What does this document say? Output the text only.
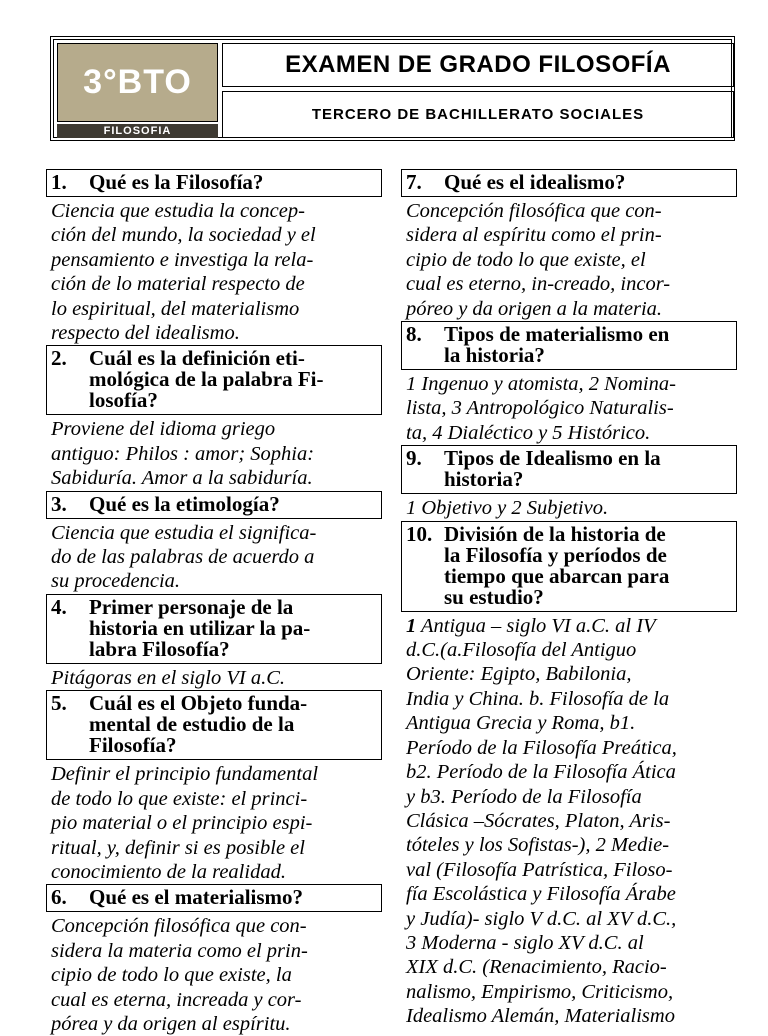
3°BTO
FILOSOFIA
EXAMEN DE GRADO FILOSOFÍA
TERCERO DE BACHILLERATO SOCIALES
1.	Qué es la Filosofía?
Ciencia que estudia la concep-
ción del mundo, la sociedad y el
pensamiento e investiga la rela-
ción de lo material respecto de
lo espiritual, del materialismo
respecto del idealismo.
2.	Cuál es la definición eti-
mológica de la palabra Fi-
losofía?
Proviene del idioma griego
antiguo: Philos : amor; Sophia:
Sabiduría. Amor a la sabiduría.
3.	Qué es la etimología?
Ciencia que estudia el significa-
do de las palabras de acuerdo a
su procedencia.
4.	Primer personaje de la
historia en utilizar la pa-
labra Filosofía?
Pitágoras en el siglo VI a.C.
5.	Cuál es el Objeto funda-
mental de estudio de la
Filosofía?
Definir el principio fundamental
de todo lo que existe: el princi-
pio material o el principio espi-
ritual, y, definir si es posible el
conocimiento de la realidad.
6.	Qué es el materialismo?
Concepción filosófica que con-
sidera la materia como el prin-
cipio de todo lo que existe, la
cual es eterna, increada y cor-
pórea y da origen al espíritu.
7.	Qué es el idealismo?
Concepción filosófica que con-
sidera al espíritu como el prin-
cipio de todo lo que existe, el
cual es eterno, in-creado, incor-
póreo y da origen a la materia.
8.	Tipos de materialismo en
la historia?
1 Ingenuo y atomista, 2 Nomina-
lista, 3 Antropológico Naturalis-
ta, 4 Dialéctico y 5 Histórico.
9.	Tipos de Idealismo en la
historia?
1 Objetivo y 2 Subjetivo.
10. División de la historia de
la Filosofía y períodos de
tiempo que abarcan para
su estudio?
1 Antigua – siglo VI a.C. al IV
d.C.(a.Filosofía del Antiguo
Oriente: Egipto, Babilonia,
India y China. b. Filosofía de la
Antigua Grecia y Roma, b1.
Período de la Filosofía Preática,
b2. Período de la Filosofía Ática
y b3. Período de la Filosofía
Clásica –Sócrates, Platon, Aris-
tóteles y los Sofistas-), 2 Medie-
val (Filosofía Patrística, Filoso-
fía Escolástica y Filosofía Árabe
y Judía)- siglo V d.C. al XV d.C.,
3 Moderna - siglo XV d.C. al
XIX d.C. (Renacimiento, Racio-
nalismo, Empirismo, Criticismo,
Idealismo Alemán, Materialismo
